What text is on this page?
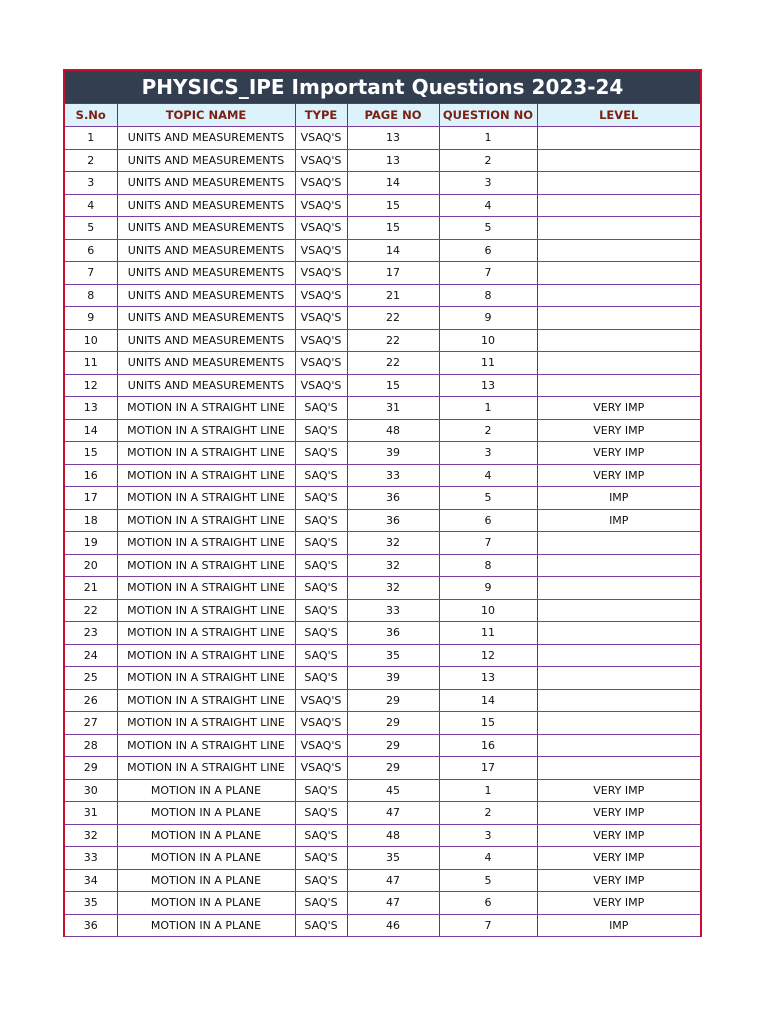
PHYSICS_IPE Important Questions 2023-24
S.No	TOPIC NAME	TYPE	PAGE NO	QUESTION NO	LEVEL
1	UNITS AND MEASUREMENTS	VSAQ'S	13	1	
2	UNITS AND MEASUREMENTS	VSAQ'S	13	2	
3	UNITS AND MEASUREMENTS	VSAQ'S	14	3	
4	UNITS AND MEASUREMENTS	VSAQ'S	15	4	
5	UNITS AND MEASUREMENTS	VSAQ'S	15	5	
6	UNITS AND MEASUREMENTS	VSAQ'S	14	6	
7	UNITS AND MEASUREMENTS	VSAQ'S	17	7	
8	UNITS AND MEASUREMENTS	VSAQ'S	21	8	
9	UNITS AND MEASUREMENTS	VSAQ'S	22	9	
10	UNITS AND MEASUREMENTS	VSAQ'S	22	10	
11	UNITS AND MEASUREMENTS	VSAQ'S	22	11	
12	UNITS AND MEASUREMENTS	VSAQ'S	15	13	
13	MOTION IN A STRAIGHT LINE	SAQ'S	31	1	VERY IMP
14	MOTION IN A STRAIGHT LINE	SAQ'S	48	2	VERY IMP
15	MOTION IN A STRAIGHT LINE	SAQ'S	39	3	VERY IMP
16	MOTION IN A STRAIGHT LINE	SAQ'S	33	4	VERY IMP
17	MOTION IN A STRAIGHT LINE	SAQ'S	36	5	IMP
18	MOTION IN A STRAIGHT LINE	SAQ'S	36	6	IMP
19	MOTION IN A STRAIGHT LINE	SAQ'S	32	7	
20	MOTION IN A STRAIGHT LINE	SAQ'S	32	8	
21	MOTION IN A STRAIGHT LINE	SAQ'S	32	9	
22	MOTION IN A STRAIGHT LINE	SAQ'S	33	10	
23	MOTION IN A STRAIGHT LINE	SAQ'S	36	11	
24	MOTION IN A STRAIGHT LINE	SAQ'S	35	12	
25	MOTION IN A STRAIGHT LINE	SAQ'S	39	13	
26	MOTION IN A STRAIGHT LINE	VSAQ'S	29	14	
27	MOTION IN A STRAIGHT LINE	VSAQ'S	29	15	
28	MOTION IN A STRAIGHT LINE	VSAQ'S	29	16	
29	MOTION IN A STRAIGHT LINE	VSAQ'S	29	17	
30	MOTION IN A PLANE	SAQ'S	45	1	VERY IMP
31	MOTION IN A PLANE	SAQ'S	47	2	VERY IMP
32	MOTION IN A PLANE	SAQ'S	48	3	VERY IMP
33	MOTION IN A PLANE	SAQ'S	35	4	VERY IMP
34	MOTION IN A PLANE	SAQ'S	47	5	VERY IMP
35	MOTION IN A PLANE	SAQ'S	47	6	VERY IMP
36	MOTION IN A PLANE	SAQ'S	46	7	IMP
